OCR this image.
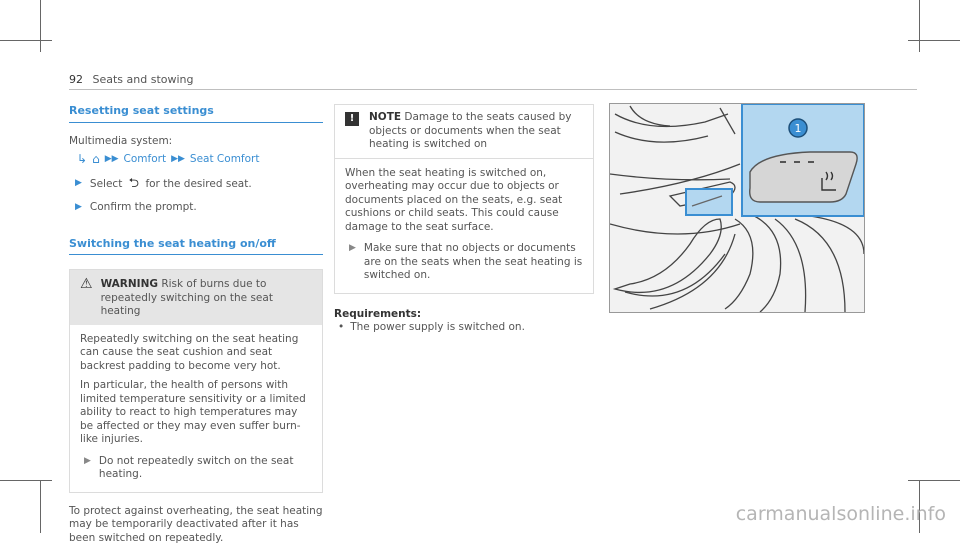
92 Seats and stowing
Resetting seat settings
Multimedia system:
↳ ⌂ ▶▶ Comfort ▶▶ Seat Comfort
▶ Select ⮌ for the desired seat.
▶ Confirm the prompt.
Switching the seat heating on/off
⚠ WARNING Risk of burns due to repeatedly switching on the seat heating

Repeatedly switching on the seat heating can cause the seat cushion and seat backrest padding to become very hot.

In particular, the health of persons with limited temperature sensitivity or a limited ability to react to high temperatures may be affected or they may even suffer burn-like injuries.

▶ Do not repeatedly switch on the seat heating.

To protect against overheating, the seat heating may be temporarily deactivated after it has been switched on repeatedly.

!	NOTE Damage to the seats caused by objects or documents when the seat heating is switched on

When the seat heating is switched on, overheating may occur due to objects or documents placed on the seats, e.g. seat cushions or child seats. This could cause damage to the seat surface.

▶ Make sure that no objects or documents are on the seats when the seat heating is switched on.
Requirements:
• The power supply is switched on.
1
carmanualsonline.info
